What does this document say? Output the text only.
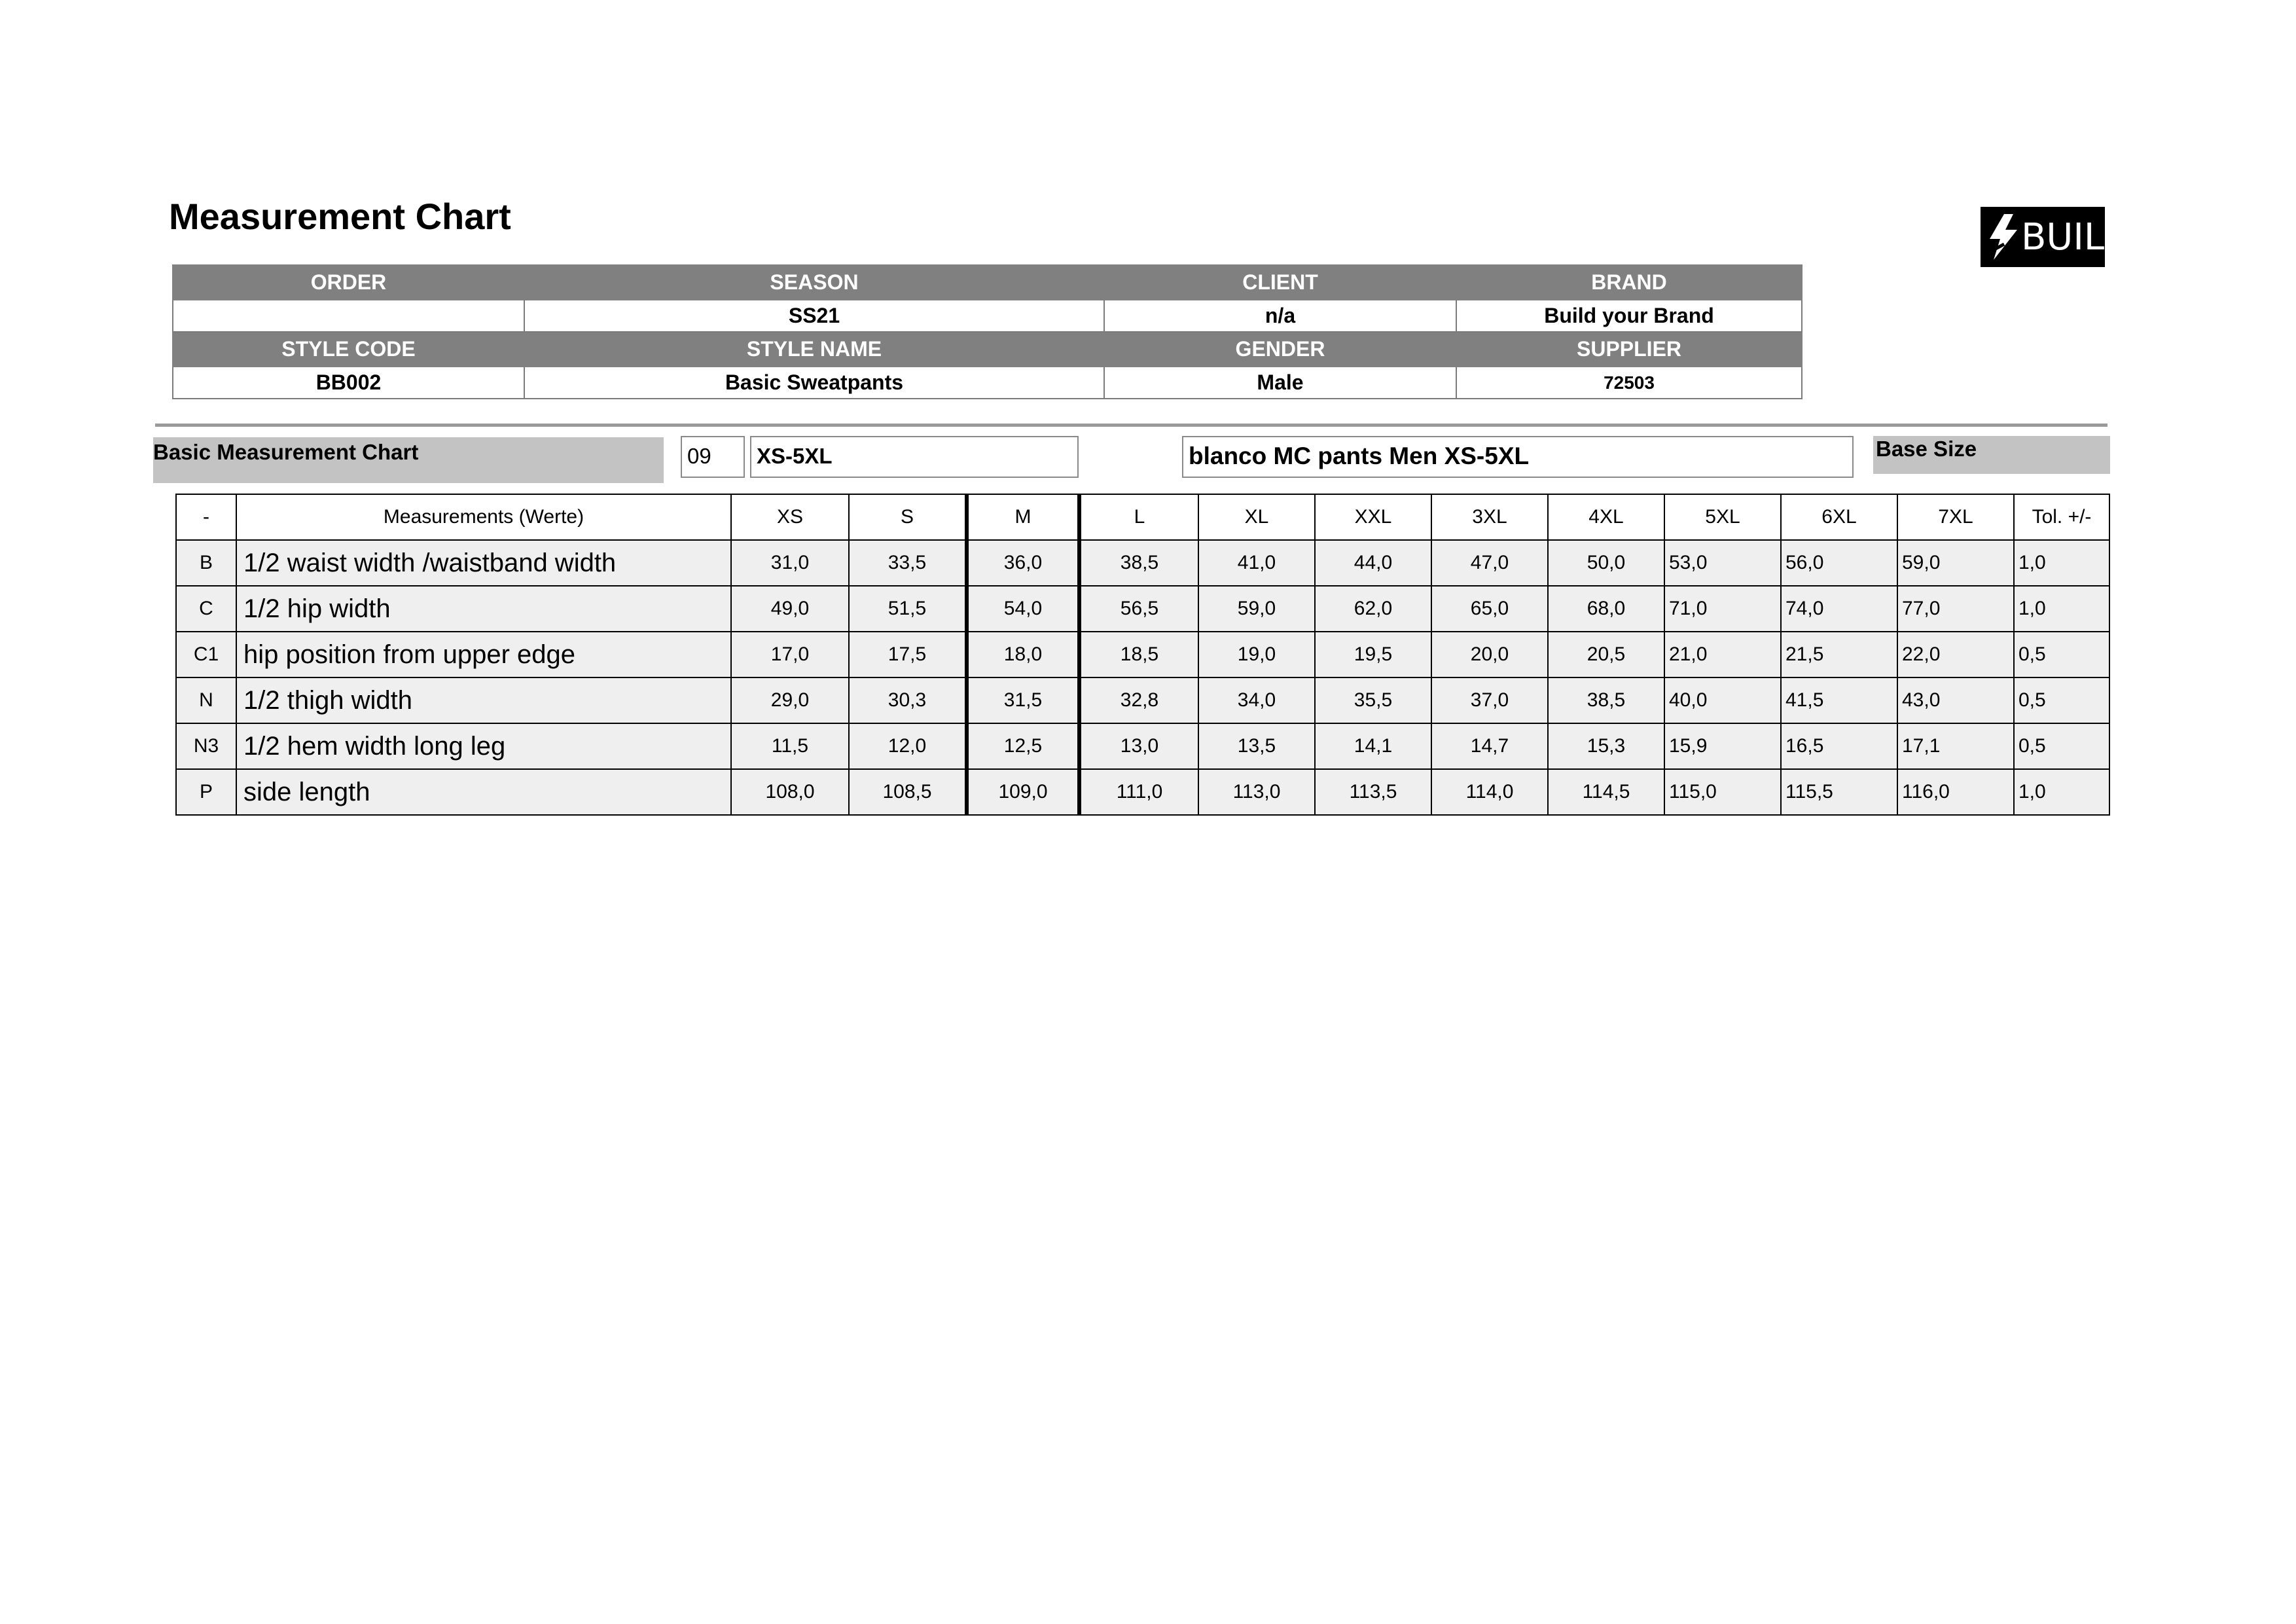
Measurement Chart	BUILD
ORDER	SEASON	CLIENT	BRAND
	SS21	n/a	Build your Brand
STYLE CODE	STYLE NAME	GENDER	SUPPLIER
BB002	Basic Sweatpants	Male	72503
Basic Measurement Chart	09	XS-5XL	blanco MC pants Men XS-5XL	Base Size
-	Measurements (Werte)	XS	S	M	L	XL	XXL	3XL	4XL	5XL	6XL	7XL	Tol. +/-
B	1/2 waist width /waistband width	31,0	33,5	36,0	38,5	41,0	44,0	47,0	50,0	53,0	56,0	59,0	1,0
C	1/2 hip width	49,0	51,5	54,0	56,5	59,0	62,0	65,0	68,0	71,0	74,0	77,0	1,0
C1	hip position from upper edge	17,0	17,5	18,0	18,5	19,0	19,5	20,0	20,5	21,0	21,5	22,0	0,5
N	1/2 thigh width	29,0	30,3	31,5	32,8	34,0	35,5	37,0	38,5	40,0	41,5	43,0	0,5
N3	1/2 hem width long leg	11,5	12,0	12,5	13,0	13,5	14,1	14,7	15,3	15,9	16,5	17,1	0,5
P	side length	108,0	108,5	109,0	111,0	113,0	113,5	114,0	114,5	115,0	115,5	116,0	1,0
